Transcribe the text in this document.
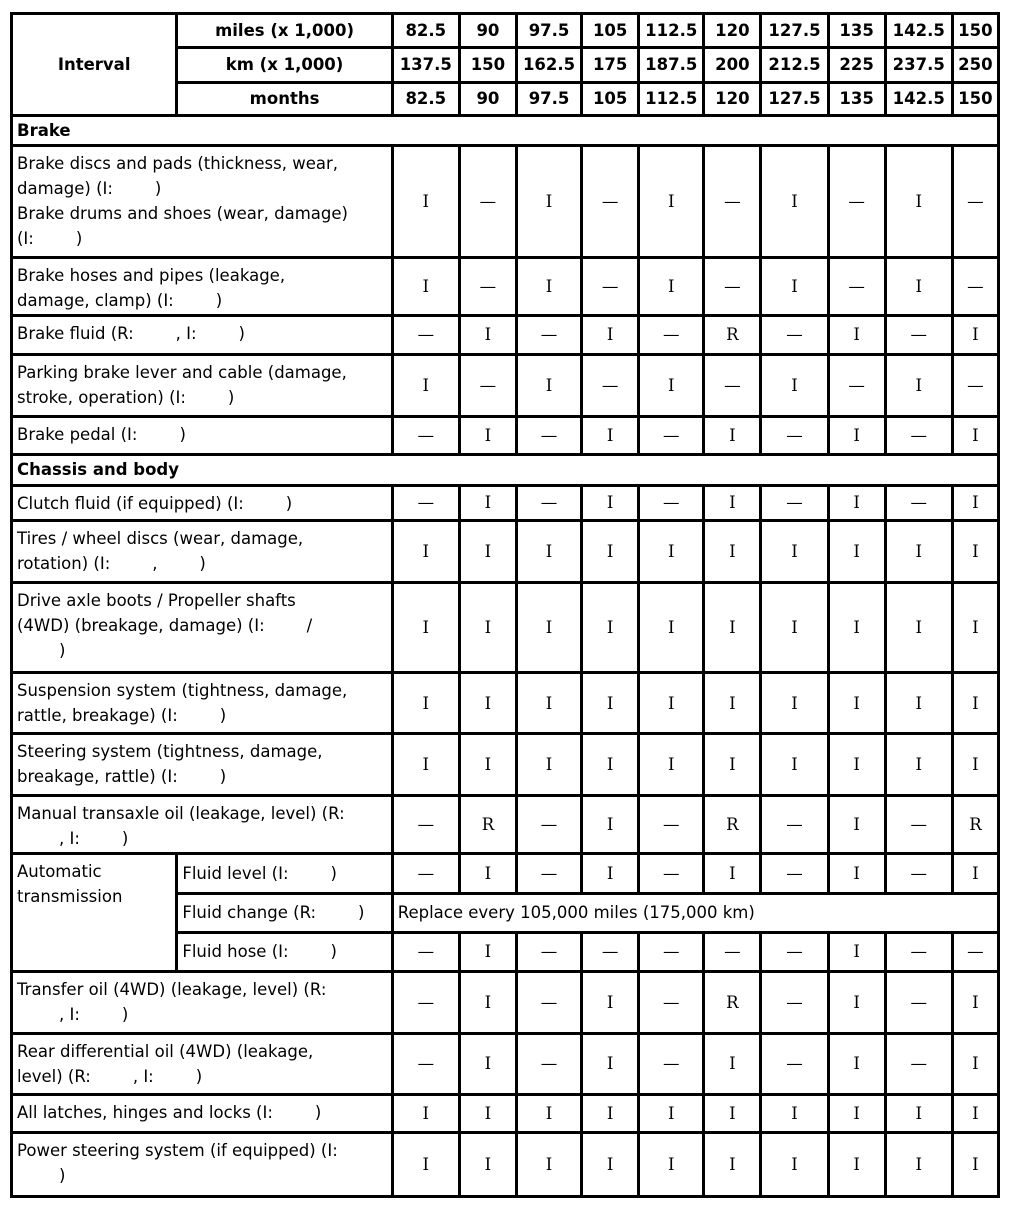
Interval	miles (x 1,000)	82.5	90	97.5	105	112.5	120	127.5	135	142.5	150
	km (x 1,000)	137.5	150	162.5	175	187.5	200	212.5	225	237.5	250
	months	82.5	90	97.5	105	112.5	120	127.5	135	142.5	150
Brake											

Brake discs and pads (thickness, wear,
damage) (I:        )
Brake drums and shoes (wear, damage)
(I:        )		I	—	I	—	I	—	I	—	I	—

Brake hoses and pipes (leakage,
damage, clamp) (I:        )		I	—	I	—	I	—	I	—	I	—

Brake fluid (R:        , I:        )		—	I	—	I	—	R	—	I	—	I

Parking brake lever and cable (damage,
stroke, operation) (I:        )		I	—	I	—	I	—	I	—	I	—

Brake pedal (I:        )		—	I	—	I	—	I	—	I	—	I
Chassis and body											

Clutch fluid (if equipped) (I:        )		—	I	—	I	—	I	—	I	—	I

Tires / wheel discs (wear, damage,
rotation) (I:        ,        )		I	I	I	I	I	I	I	I	I	I

Drive axle boots / Propeller shafts
(4WD) (breakage, damage) (I:        /
)		I	I	I	I	I	I	I	I	I	I

Suspension system (tightness, damage,
rattle, breakage) (I:        )		I	I	I	I	I	I	I	I	I	I

Steering system (tightness, damage,
breakage, rattle) (I:        )		I	I	I	I	I	I	I	I	I	I

Manual transaxle oil (leakage, level) (R:
, I:        )		—	R	—	I	—	R	—	I	—	R

Automatic
transmission	Fluid level (I:        )	—	I	—	I	—	I	—	I	—	I
	Fluid change (R:        )	Replace every 105,000 miles (175,000 km)									
	Fluid hose (I:        )	—	I	—	—	—	—	—	I	—	—

Transfer oil (4WD) (leakage, level) (R:
, I:        )		—	I	—	I	—	R	—	I	—	I

Rear differential oil (4WD) (leakage,
level) (R:        , I:        )		—	I	—	I	—	I	—	I	—	I

All latches, hinges and locks (I:        )		I	I	I	I	I	I	I	I	I	I

Power steering system (if equipped) (I:
)		I	I	I	I	I	I	I	I	I	I
